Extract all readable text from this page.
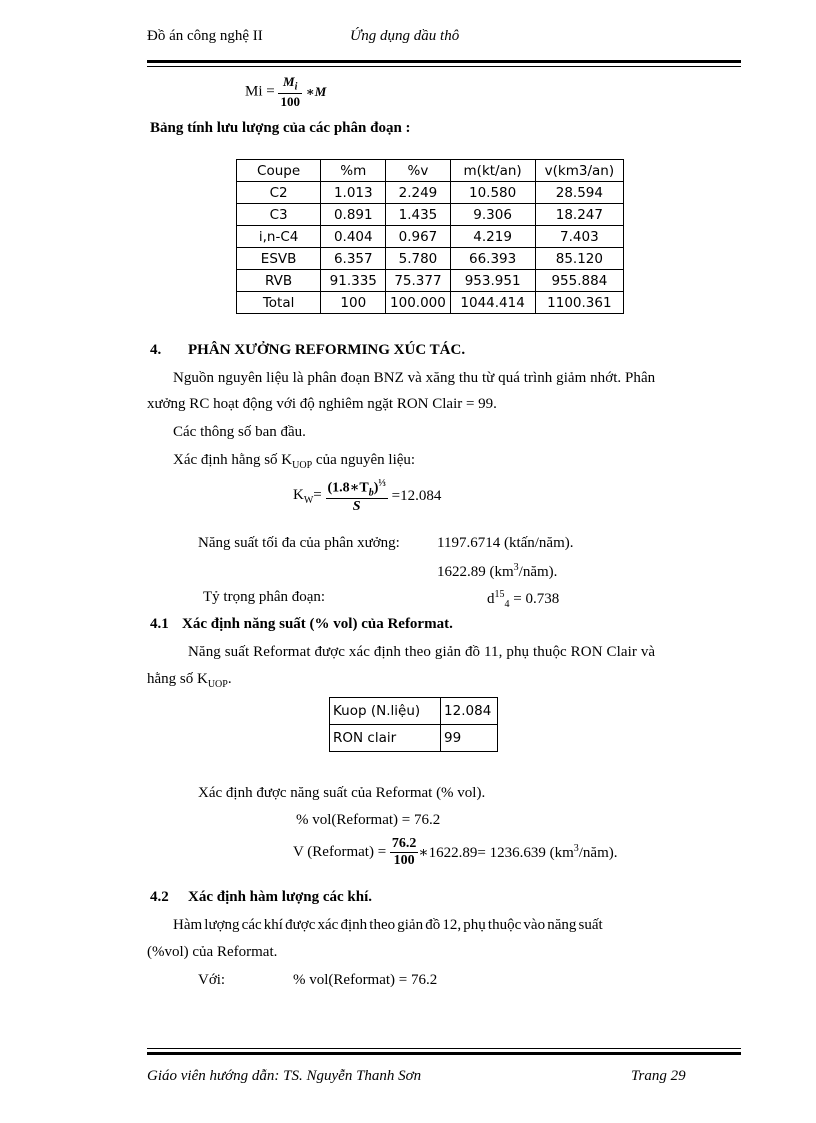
Đồ án công nghệ II	Ứng dụng dầu thô
$Mi = \frac{M_i}{100}$ ∗M
Bảng tính lưu lượng của các phân đoạn :
Coupe	%m	%v	m(kt/an)	v(km3/an)
C2	1.013	2.249	10.580	28.594
C3	0.891	1.435	9.306	18.247
i,n-C4	0.404	0.967	4.219	7.403
ESVB	6.357	5.780	66.393	85.120
RVB	91.335	75.377	953.951	955.884
Total	100	100.000	1044.414	1100.361
4. PHÂN XƯỞNG REFORMING XÚC TÁC.
Nguồn nguyên liệu là phân đoạn BNZ và xăng thu từ quá trình giảm nhớt. Phân
xưởng RC hoạt động với độ nghiêm ngặt RON Clair = 99.
Các thông số ban đầu.
Xác định hằng số $K_{UOP}$ của nguyên liệu:
$K_W= \frac{(1.8∗T_b)^{\frac{1}{3}}}{S} =12.084$
Năng suất tối đa của phân xưởng: 1197.6714 (ktấn/năm).
1622.89 $(km^3/năm)$.
Tỷ trọng phân đoạn:	$d^{15}_4 = 0.738$
4.1 Xác định năng suất (% vol) của Reformat.
Năng suất Reformat được xác định theo giản đồ 11, phụ thuộc RON Clair và
hằng số $K_{UOP}$.
Kuop (N.liệu)	12.084
RON clair	99
Xác định được năng suất của Reformat (% vol).
% vol(Reformat) = 76.2
V (Reformat) = $\frac{76.2}{100}$ ∗1622.89= 1236.639 $(km^3/năm)$.
4.2 Xác định hàm lượng các khí.
Hàm lượng các khí được xác định theo giản đồ 12, phụ thuộc vào năng suất
(%vol) của Reformat.
Với:	% vol(Reformat) = 76.2
Giáo viên hướng dẫn: TS. Nguyễn Thanh Sơn	Trang 29
